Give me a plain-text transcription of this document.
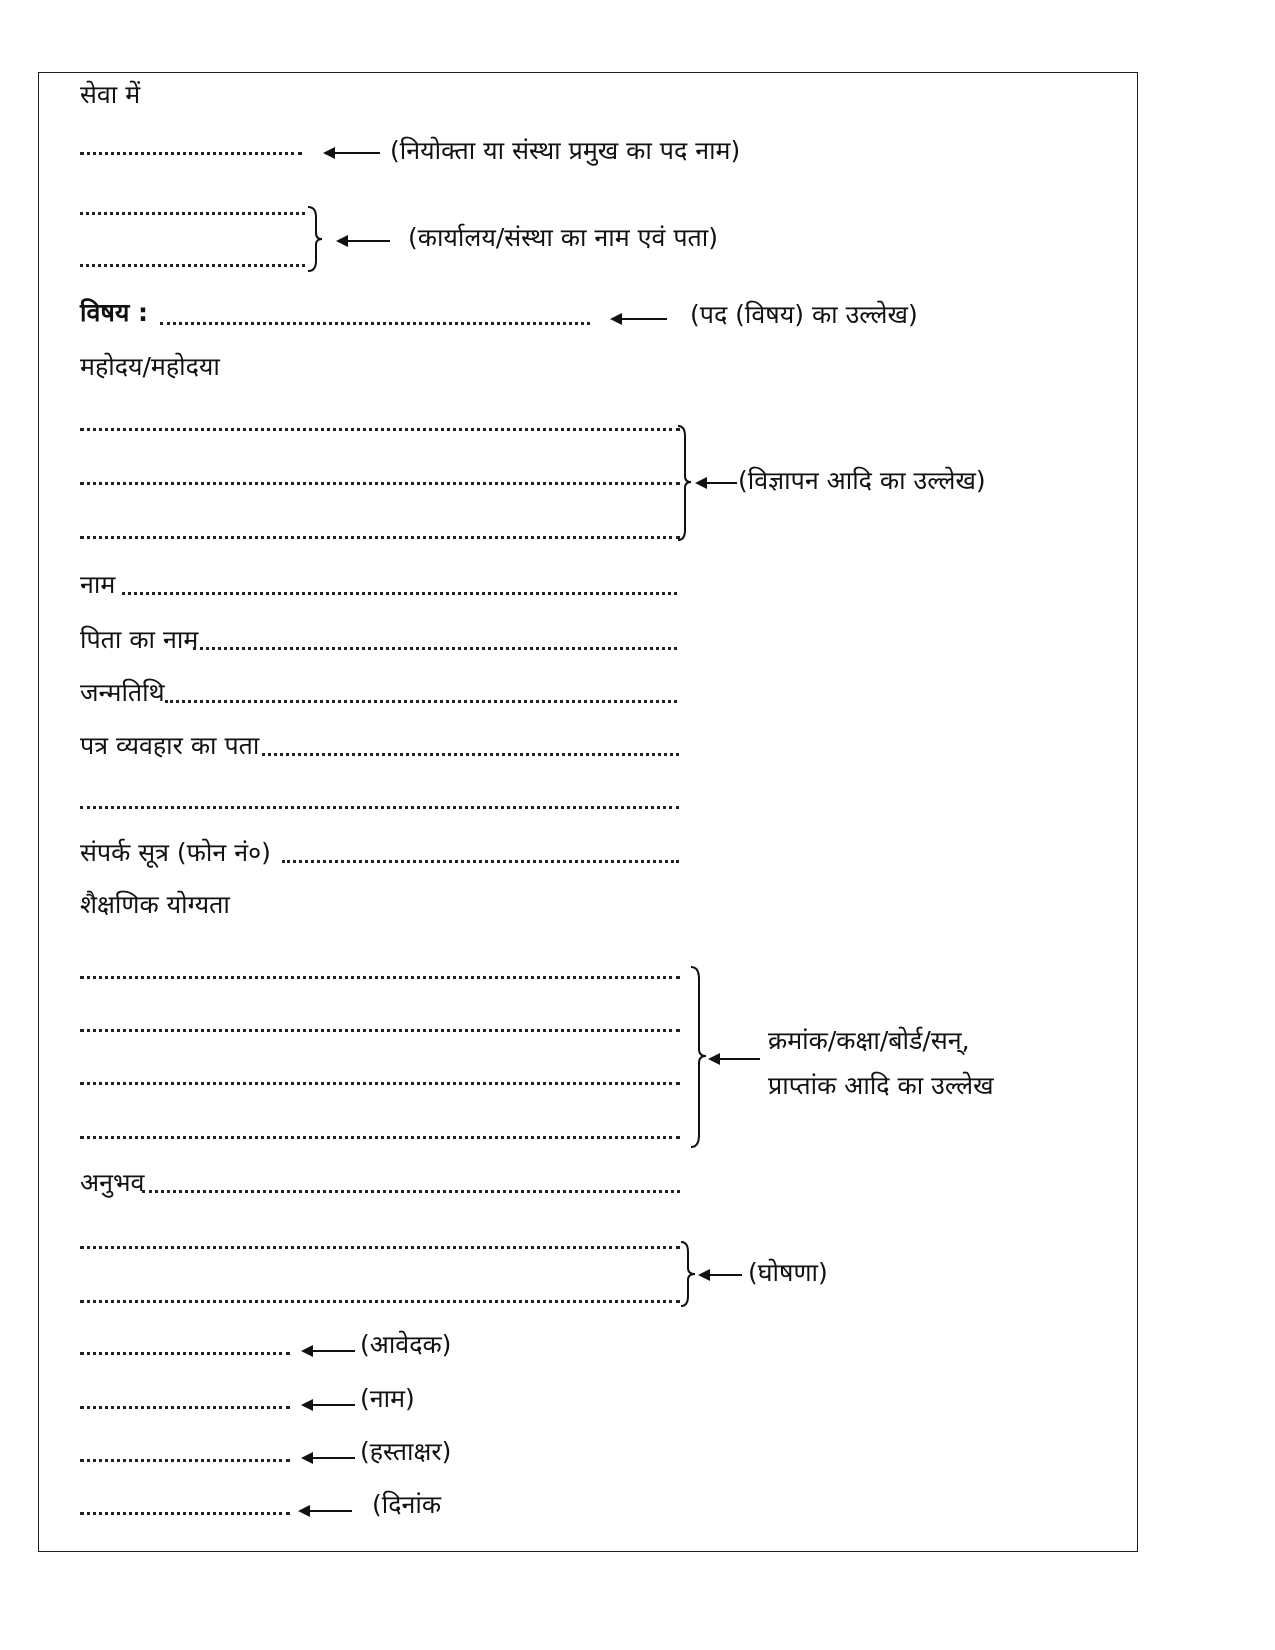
सेवा में
(नियोक्ता या संस्था प्रमुख का पद नाम)
(कार्यालय/संस्था का नाम एवं पता)
विषय :	(पद (विषय) का उल्लेख)
महोदय/महोदया
(विज्ञापन आदि का उल्लेख)
नाम
पिता का नाम
जन्मतिथि
पत्र व्यवहार का पता
संपर्क सूत्र (फोन नं०)
शैक्षणिक योग्यता
क्रमांक/कक्षा/बोर्ड/सन्,
प्राप्तांक आदि का उल्लेख
अनुभव
(घोषणा)
(आवेदक)
(नाम)
(हस्ताक्षर)
(दिनांक
